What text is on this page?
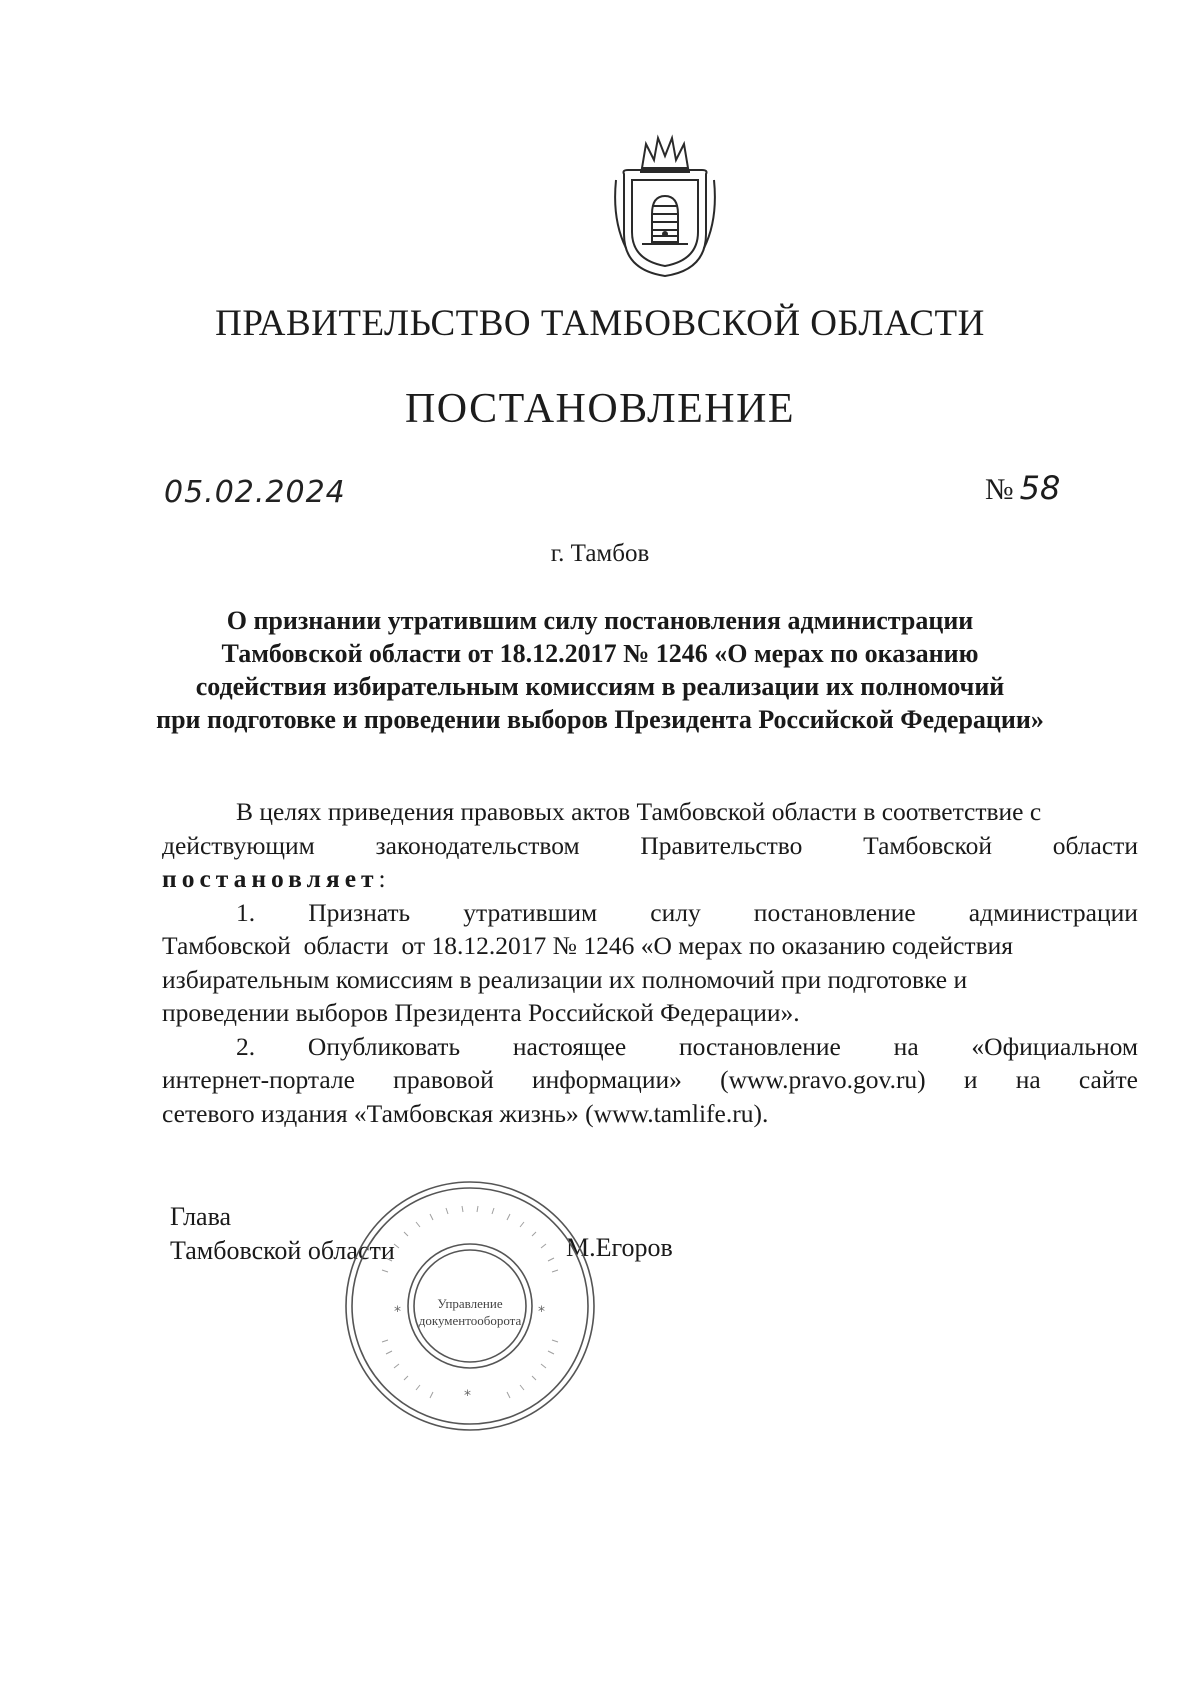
ПРАВИТЕЛЬСТВО ТАМБОВСКОЙ ОБЛАСТИ
ПОСТАНОВЛЕНИЕ
05.02.2024	№ 58
г. Тамбов
О признании утратившим силу постановления администрации
Тамбовской области от 18.12.2017 № 1246 «О мерах по оказанию
содействия избирательным комиссиям в реализации их полномочий
при подготовке и проведении выборов Президента Российской Федерации»
В целях приведения правовых актов Тамбовской области в соответствие с
действующим законодательством Правительство Тамбовской области
постановляет :
1. Признать утратившим силу постановление администрации
Тамбовской  области  от 18.12.2017 № 1246 «О мерах по оказанию содействия
избирательным комиссиям в реализации их полномочий при подготовке и
проведении выборов Президента Российской Федерации».
2. Опубликовать настоящее постановление на «Официальном
интернет-портале правовой информации» (www.pravo.gov.ru) и на сайте
сетевого издания «Тамбовская жизнь» (www.tamlife.ru).
Глава
Тамбовской области	М.Егоров
*	*
*
Управление
документооборота
